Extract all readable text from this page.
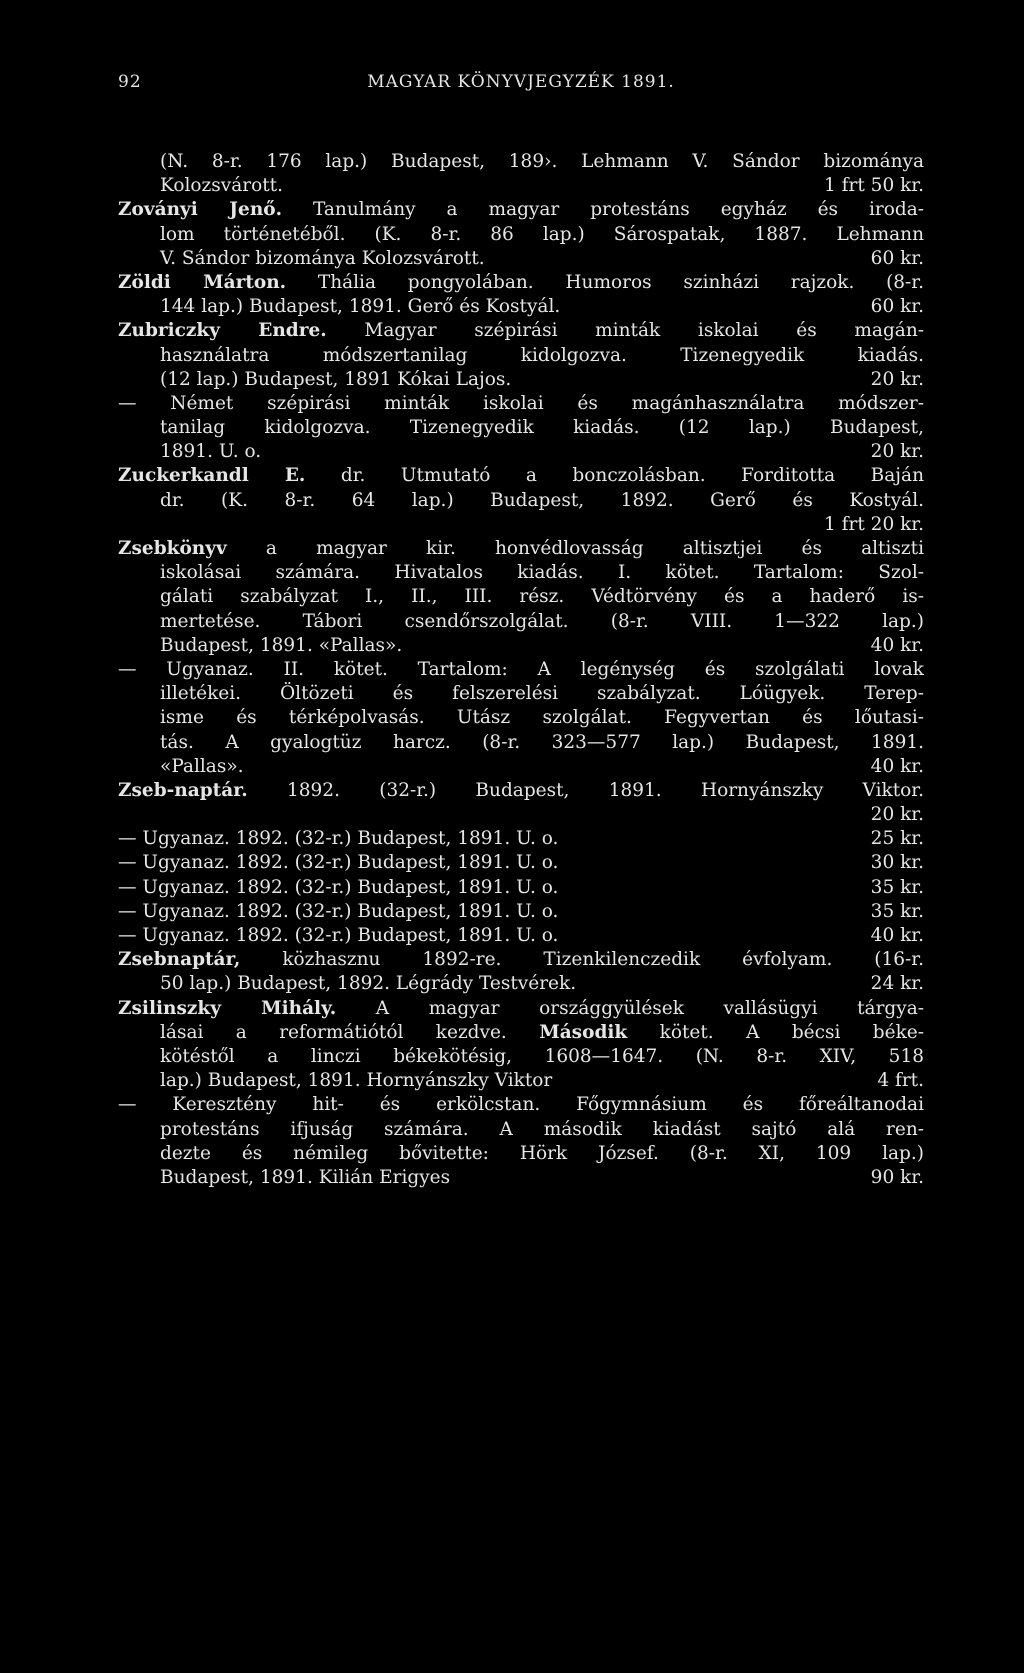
92	MAGYAR KÖNYVJEGYZÉK 1891.
(N. 8-r. 176 lap.) Budapest, 189›. Lehmann V. Sándor bizománya
Kolozsvárott.	1 frt 50 kr.
Zoványi Jenő. Tanulmány a magyar protestáns egyház és iroda-
lom történetéből. (K. 8-r. 86 lap.) Sárospatak, 1887. Lehmann
V. Sándor bizománya Kolozsvárott.	60 kr.
Zöldi Márton. Thália pongyolában. Humoros szinházi rajzok. (8-r.
144 lap.) Budapest, 1891. Gerő és Kostyál.	60 kr.
Zubriczky Endre. Magyar szépirási minták iskolai és magán-
használatra módszertanilag kidolgozva. Tizenegyedik kiadás.
(12 lap.) Budapest, 1891 Kókai Lajos.	20 kr.
— Német szépirási minták iskolai és magánhasználatra módszer-
tanilag kidolgozva. Tizenegyedik kiadás. (12 lap.) Budapest,
1891. U. o.	20 kr.
Zuckerkandl E. dr. Utmutató a bonczolásban. Forditotta Baján
dr. (K. 8-r. 64 lap.) Budapest, 1892. Gerő és Kostyál.
1 frt 20 kr.
Zsebkönyv a magyar kir. honvédlovasság altisztjei és altiszti
iskolásai számára. Hivatalos kiadás. I. kötet. Tartalom: Szol-
gálati szabályzat I., II., III. rész. Védtörvény és a haderő is-
mertetése. Tábori csendőrszolgálat. (8-r. VIII. 1—322 lap.)
Budapest, 1891. «Pallas».	40 kr.
— Ugyanaz. II. kötet. Tartalom: A legénység és szolgálati lovak
illetékei. Öltözeti és felszerelési szabályzat. Lóügyek. Terep-
isme és térképolvasás. Utász szolgálat. Fegyvertan és lőutasi-
tás. A gyalogtüz harcz. (8-r. 323—577 lap.) Budapest, 1891.
«Pallas».	40 kr.
Zseb-naptár. 1892. (32-r.) Budapest, 1891. Hornyánszky Viktor.
20 kr.
— Ugyanaz. 1892. (32-r.) Budapest, 1891. U. o.	25 kr.
— Ugyanaz. 1892. (32-r.) Budapest, 1891. U. o.	30 kr.
— Ugyanaz. 1892. (32-r.) Budapest, 1891. U. o.	35 kr.
— Ugyanaz. 1892. (32-r.) Budapest, 1891. U. o.	35 kr.
— Ugyanaz. 1892. (32-r.) Budapest, 1891. U. o.	40 kr.
Zsebnaptár, közhasznu 1892-re. Tizenkilenczedik évfolyam. (16-r.
50 lap.) Budapest, 1892. Légrády Testvérek.	24 kr.
Zsilinszky Mihály. A magyar országgyülések vallásügyi tárgya-
lásai a reformátiótól kezdve. Második kötet. A bécsi béke-
kötéstől a linczi békekötésig, 1608—1647. (N. 8-r. XIV, 518
lap.) Budapest, 1891. Hornyánszky Viktor	4 frt.
— Keresztény hit- és erkölcstan. Főgymnásium és főreáltanodai
protestáns ifjuság számára. A második kiadást sajtó alá ren-
dezte és némileg bővitette: Hörk József. (8-r. XI, 109 lap.)
Budapest, 1891. Kilián Erigyes	90 kr.
